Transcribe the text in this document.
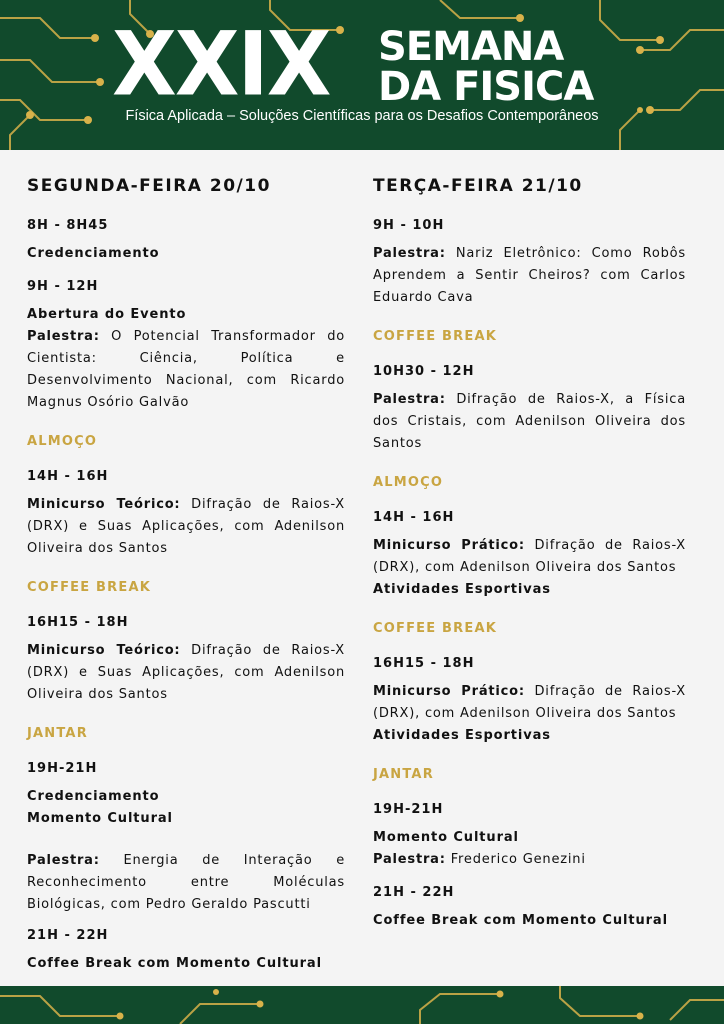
XXIX SEMANA
DA FISICA
Física Aplicada – Soluções Científicas para os Desafios Contemporâneos
SEGUNDA-FEIRA 20/10
8H - 8H45
Credenciamento
9H - 12H
Abertura do Evento
Palestra: O Potencial Transformador do Cientista: Ciência, Política e Desenvolvimento Nacional, com Ricardo Magnus Osório Galvão
ALMOÇO
14H - 16H
Minicurso Teórico: Difração de Raios-X (DRX) e Suas Aplicações, com Adenilson Oliveira dos Santos
COFFEE BREAK
16H15 - 18H
Minicurso Teórico: Difração de Raios-X (DRX) e Suas Aplicações, com Adenilson Oliveira dos Santos
JANTAR
19H-21H
Credenciamento
Momento Cultural
Palestra: Energia de Interação e Reconhecimento entre Moléculas Biológicas, com Pedro Geraldo Pascutti
21H - 22H
Coffee Break com Momento Cultural
TERÇA-FEIRA 21/10
9H - 10H
Palestra: Nariz Eletrônico: Como Robôs Aprendem a Sentir Cheiros? com Carlos Eduardo Cava
COFFEE BREAK
10H30 - 12H
Palestra: Difração de Raios-X, a Física dos Cristais, com Adenilson Oliveira dos Santos
ALMOÇO
14H - 16H
Minicurso Prático: Difração de Raios-X (DRX), com Adenilson Oliveira dos Santos
Atividades Esportivas
COFFEE BREAK
16H15 - 18H
Minicurso Prático: Difração de Raios-X (DRX), com Adenilson Oliveira dos Santos
Atividades Esportivas
JANTAR
19H-21H
Momento Cultural
Palestra: Frederico Genezini
21H - 22H
Coffee Break com Momento Cultural
